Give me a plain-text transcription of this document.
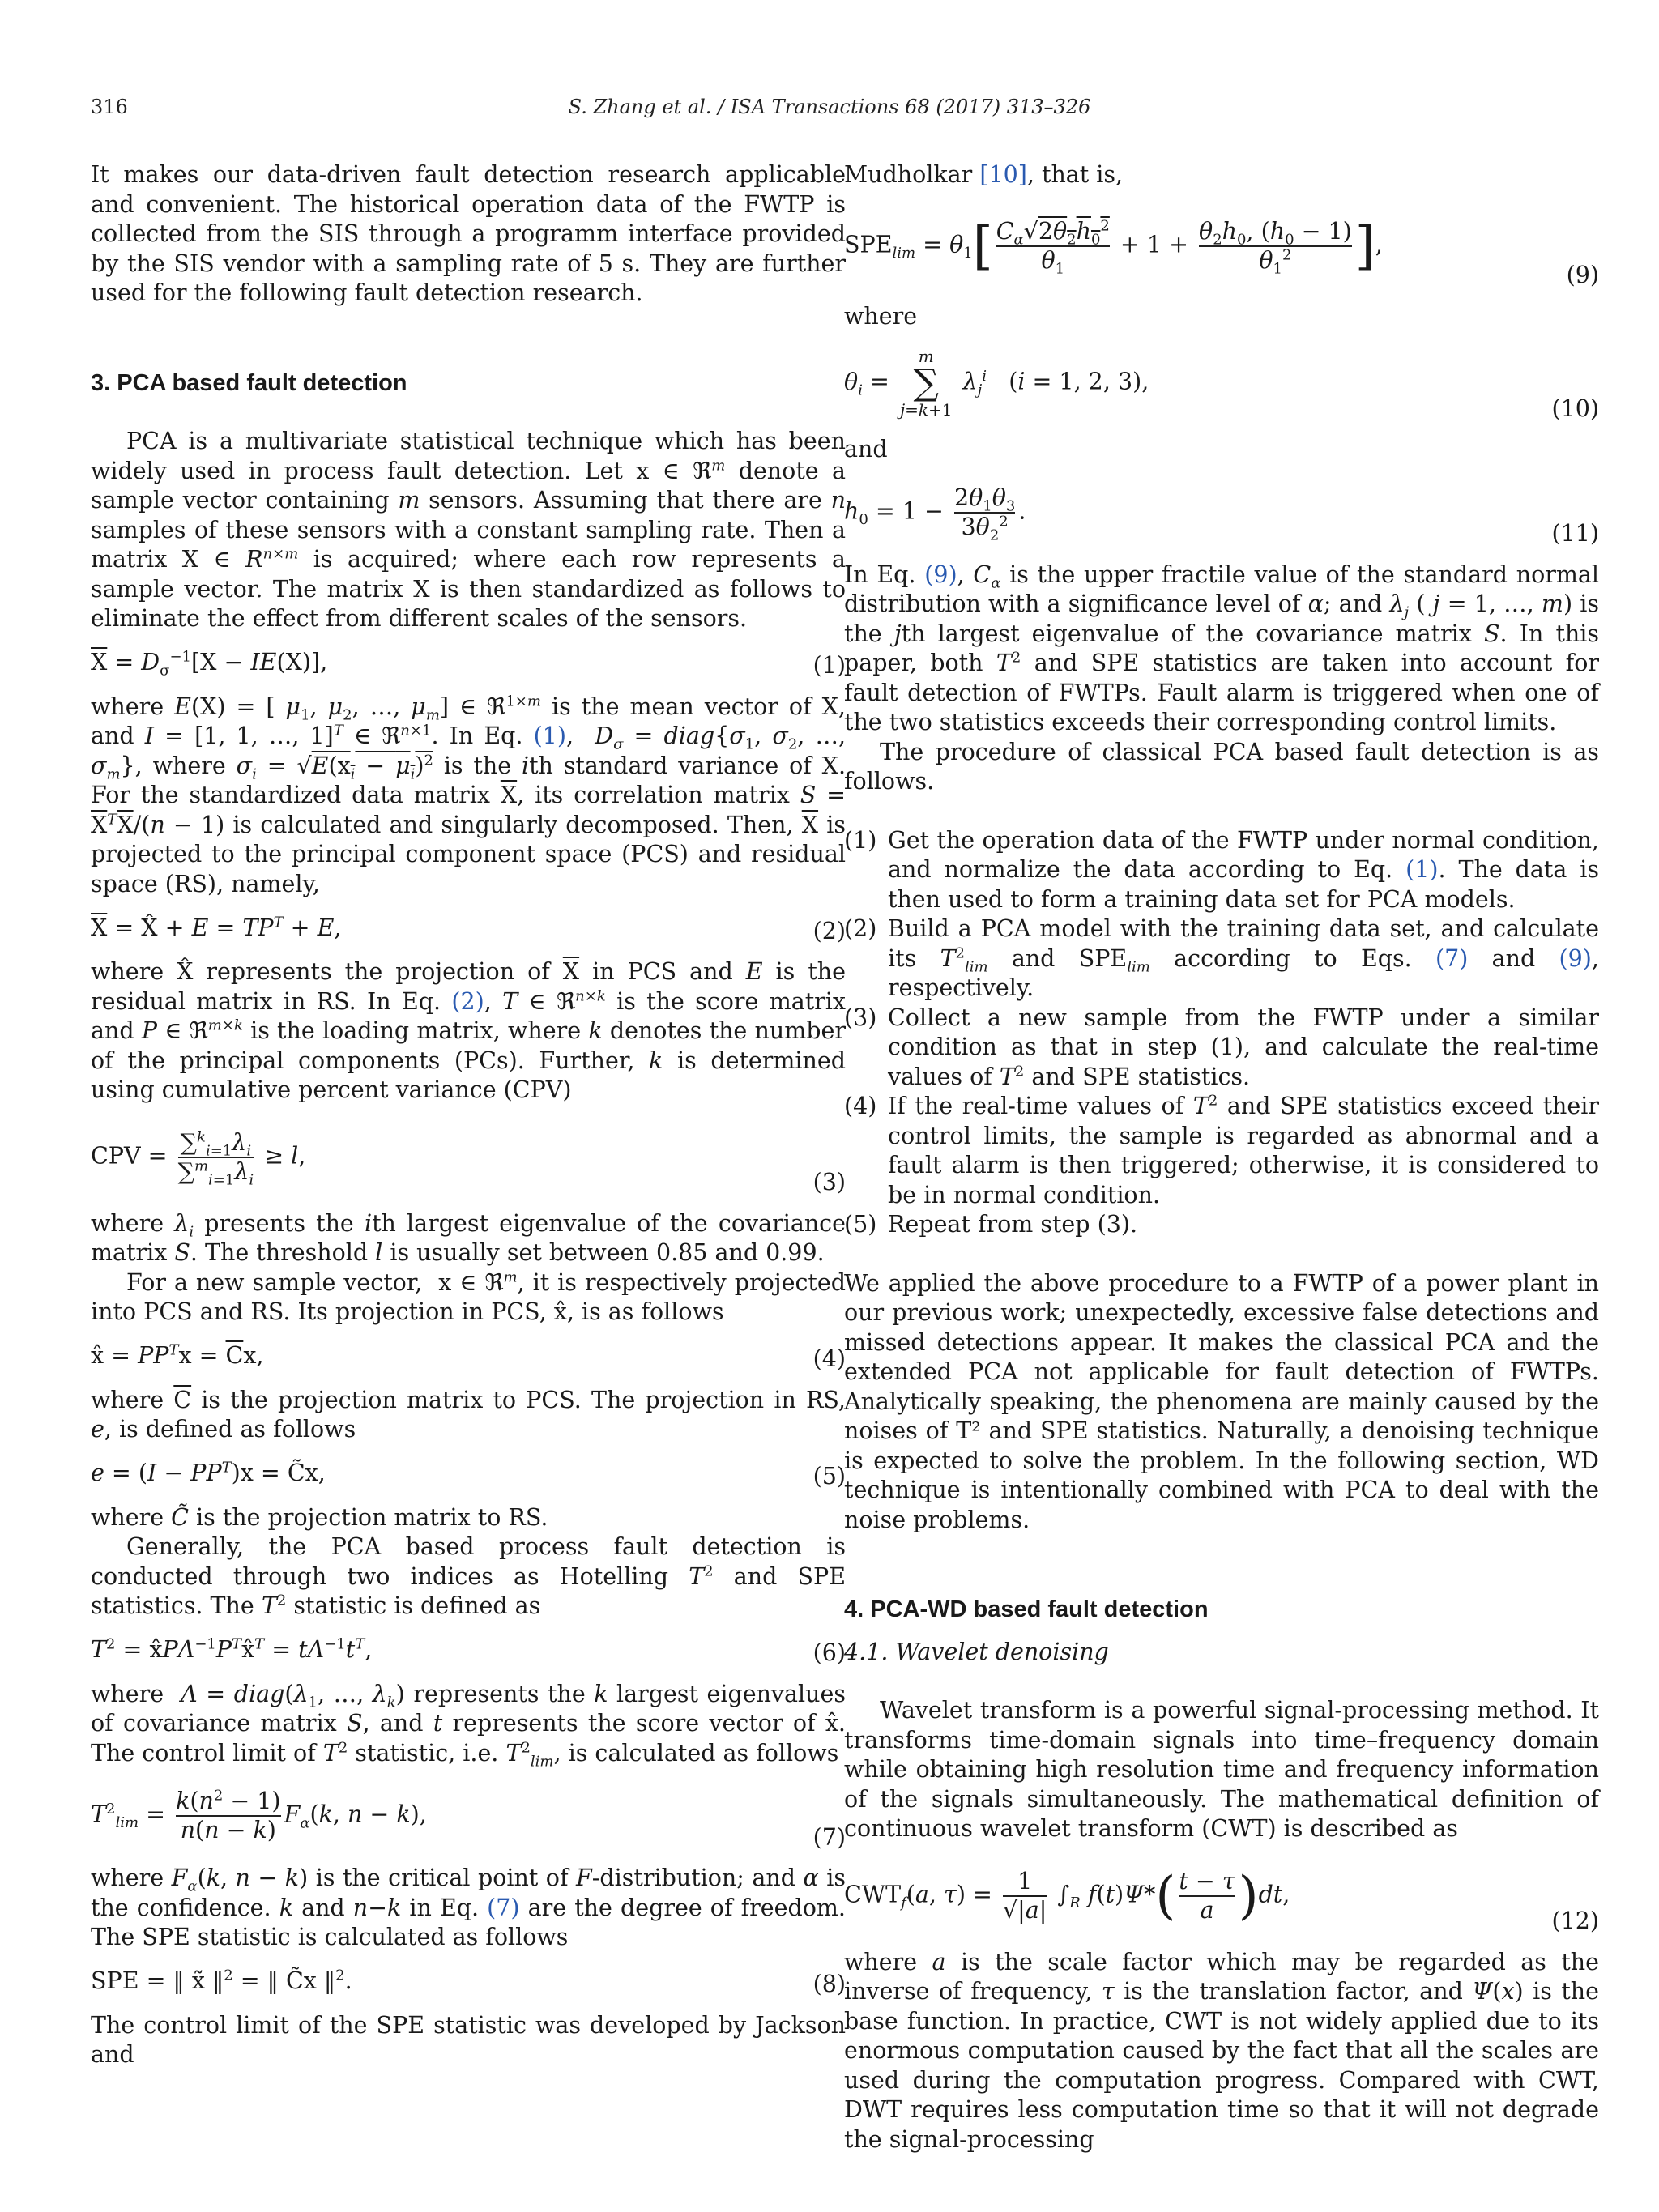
316	S. Zhang et al. / ISA Transactions 68 (2017) 313–326

It makes our data-driven fault detection research applicable and convenient. The historical operation data of the FWTP is collected from the SIS through a programm interface provided by the SIS vendor with a sampling rate of 5 s. They are further used for the following fault detection research.

3. PCA based fault detection

PCA is a multivariate statistical technique which has been widely used in process fault detection. Let x ∈ ℜ$^m$ denote a sample vector containing m sensors. Assuming that there are n samples of these sensors with a constant sampling rate. Then a matrix X ∈ $R^{n\times m}$ is acquired; where each row represents a sample vector. The matrix X is then standardized as follows to eliminate the effect from different scales of the sensors.

$\overline{X} = D_\sigma^{-1}[X - IE(X)]$,	(1)

where E(X) = [ $\mu_1$, $\mu_2$, …, $\mu_m$] ∈ ℜ$^{1\times m}$ is the mean vector of X, and I = [1, 1, …, 1]$^T$ ∈ ℜ$^{n\times 1}$. In Eq. (1),  $D_\sigma$ = $diag\{\sigma_1$, $\sigma_2$, …, $\sigma_m$}, where $\sigma_i = √E(x_i - \mu_i)^2$ is the ith standard variance of X. For the standardized data matrix $\overline{X}$, its correlation matrix $S = \overline{X}^T\overline{X}/(n - 1)$ is calculated and singularly decomposed. Then, $\overline{X}$ is projected to the principal component space (PCS) and residual space (RS), namely,

$\overline{X}$ = X̂ + $E = TP^T + E$,	(2)

where X̂ represents the projection of $\overline{X}$ in PCS and E is the residual matrix in RS. In Eq. (2), T ∈ ℜ$^{n\times k}$ is the score matrix and P ∈ ℜ$^{m\times k}$ is the loading matrix, where k denotes the number of the principal components (PCs). Further, k is determined using cumulative percent variance (CPV)

CPV = $\frac{\sum^k_{i=1}\lambda_i}{\sum^m_{i=1}\lambda_i} \ge l$,
(3)

where $\lambda_i$ presents the ith largest eigenvalue of the covariance matrix S. The threshold l is usually set between 0.85 and 0.99.

For a new sample vector,  x ∈ ℜ$^m$, it is respectively projected into PCS and RS. Its projection in PCS, x̂, is as follows

x̂ = $PP^Tx = \overline{C}x$,	(4)

where $\overline{C}$ is the projection matrix to PCS. The projection in RS, e, is defined as follows

$e = (I - PP^T)x$ = C̃x,	(5)

where C̃ is the projection matrix to RS.

Generally, the PCA based process fault detection is conducted through two indices as Hotelling $T^2$ and SPE statistics. The $T^2$ statistic is defined as

$T^2$ = $x̂P\Lambda^{-1}P^Tx̂^T = t\Lambda^{-1}t^T$,	(6)

where  $\Lambda = diag(\lambda_1$, …, $\lambda_k$) represents the k largest eigenvalues of covariance matrix S, and t represents the score vector of x̂. The control limit of $T^2$ statistic, i.e. $T^2_{lim}$, is calculated as follows

$T^2_{lim} = \frac{k(n^2 - 1)}{n(n - k)} F_\alpha(k$, n − k),
(7)

where $F_\alpha(k$, n − k) is the critical point of F-distribution; and α is the confidence. k and n−k in Eq. (7) are the degree of freedom. The SPE statistic is calculated as follows

SPE = ‖ x̃ ‖$^2$ = ‖ C̃x ‖$^2$.	(8)

The control limit of the SPE statistic was developed by Jackson and

Mudholkar [10], that is,

$SPE_{lim} = \theta_1[ \frac{C_\alpha√2\theta_2h_0^2}{\theta_1} + 1 + \frac{\theta_2h_0, (h_0 - 1)}{\theta_1^2}$ ],
(9)

where

$\theta_i = m$
∑
j=k+1 $\lambda_j^i$   (i = 1, 2, 3),
(10)

and

$h_0 = 1 - \frac{2\theta_1\theta_3}{3\theta_2^2}$ .
(11)

In Eq. (9), $C_\alpha$ is the upper fractile value of the standard normal distribution with a significance level of α; and $\lambda_j$ ( j = 1, …, m) is the jth largest eigenvalue of the covariance matrix S. In this paper, both $T^2$ and SPE statistics are taken into account for fault detection of FWTPs. Fault alarm is triggered when one of the two statistics exceeds their corresponding control limits.

The procedure of classical PCA based fault detection is as follows.

(1) Get the operation data of the FWTP under normal condition, and normalize the data according to Eq. (1). The data is then used to form a training data set for PCA models.
(2) Build a PCA model with the training data set, and calculate its $T^2_{lim}$ and $SPE_{lim}$ according to Eqs. (7) and (9), respectively.
(3) Collect a new sample from the FWTP under a similar condition as that in step (1), and calculate the real-time values of $T^2$ and SPE statistics.
(4) If the real-time values of $T^2$ and SPE statistics exceed their control limits, the sample is regarded as abnormal and a fault alarm is then triggered; otherwise, it is considered to be in normal condition.
(5) Repeat from step (3).

We applied the above procedure to a FWTP of a power plant in our previous work; unexpectedly, excessive false detections and missed detections appear. It makes the classical PCA and the extended PCA not applicable for fault detection of FWTPs. Analytically speaking, the phenomena are mainly caused by the noises of T² and SPE statistics. Naturally, a denoising technique is expected to solve the problem. In the following section, WD technique is intentionally combined with PCA to deal with the noise problems.

4. PCA-WD based fault detection

4.1. Wavelet denoising

Wavelet transform is a powerful signal-processing method. It transforms time-domain signals into time–frequency domain while obtaining high resolution time and frequency information of the signals simultaneously. The mathematical definition of continuous wavelet transform (CWT) is described as

$CWT_f(a$, $\tau) = \frac{1}{√|a|} \int_R$ $f(t)\Psi*( \frac{t - \tau}{a} )dt$,
(12)

where a is the scale factor which may be regarded as the inverse of frequency, τ is the translation factor, and Ψ(x) is the base function. In practice, CWT is not widely applied due to its enormous computation caused by the fact that all the scales are used during the computation progress. Compared with CWT, DWT requires less computation time so that it will not degrade the signal-processing
